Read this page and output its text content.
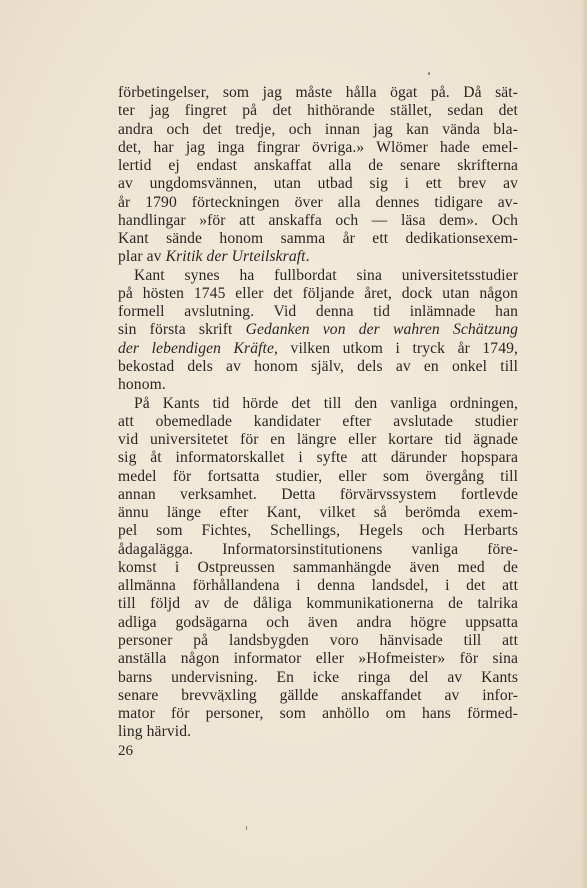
förbetingelser, som jag måste hålla ögat på. Då sät-
ter jag fingret på det hithörande stället, sedan det
andra och det tredje, och innan jag kan vända bla-
det, har jag inga fingrar övriga.» Wlömer hade emel-
lertid ej endast anskaffat alla de senare skrifterna
av ungdomsvännen, utan utbad sig i ett brev av
år 1790 förteckningen över alla dennes tidigare av-
handlingar »för att anskaffa och — läsa dem». Och
Kant sände honom samma år ett dedikationsexem-
plar av Kritik der Urteilskraft.
Kant synes ha fullbordat sina universitetsstudier
på hösten 1745 eller det följande året, dock utan någon
formell avslutning. Vid denna tid inlämnade han
sin första skrift Gedanken von der wahren Schätzung
der lebendigen Kräfte, vilken utkom i tryck år 1749,
bekostad dels av honom själv, dels av en onkel till
honom.
På Kants tid hörde det till den vanliga ordningen,
att obemedlade kandidater efter avslutade studier
vid universitetet för en längre eller kortare tid ägnade
sig åt informatorskallet i syfte att därunder hopspara
medel för fortsatta studier, eller som övergång till
annan verksamhet. Detta förvärvssystem fortlevde
ännu länge efter Kant, vilket så berömda exem-
pel som Fichtes, Schellings, Hegels och Herbarts
ådagalägga. Informatorsinstitutionens vanliga före-
komst i Ostpreussen sammanhängde även med de
allmänna förhållandena i denna landsdel, i det att
till följd av de dåliga kommunikationerna de talrika
adliga godsägarna och även andra högre uppsatta
personer på landsbygden voro hänvisade till att
anställa någon informator eller »Hofmeister» för sina
barns undervisning. En icke ringa del av Kants
senare brevväxling gällde anskaffandet av infor-
mator för personer, som anhöllo om hans förmed-
ling härvid.
26
